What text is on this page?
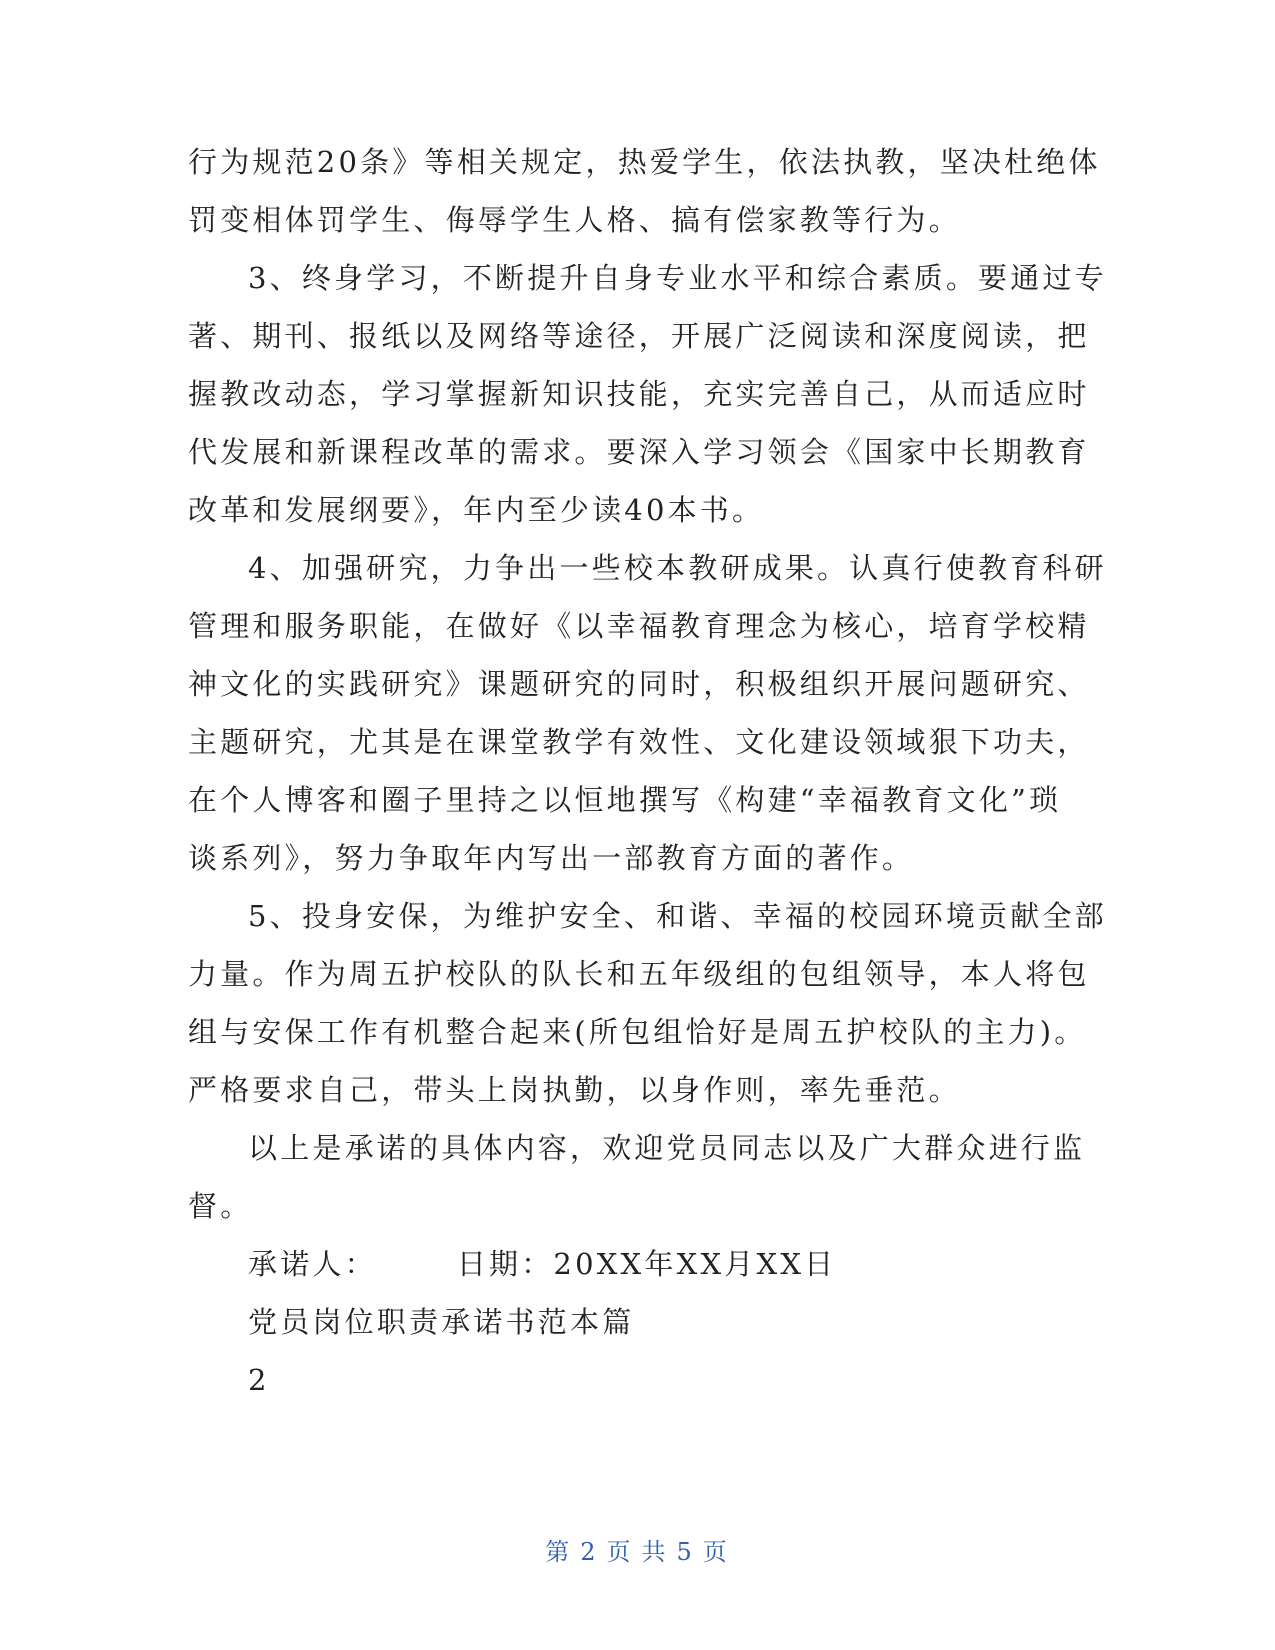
行为规范20条》等相关规定，热爱学生，依法执教，坚决杜绝体
罚变相体罚学生、侮辱学生人格、搞有偿家教等行为。
3、终身学习，不断提升自身专业水平和综合素质。要通过专
著、期刊、报纸以及网络等途径，开展广泛阅读和深度阅读，把
握教改动态，学习掌握新知识技能，充实完善自己，从而适应时
代发展和新课程改革的需求。要深入学习领会《国家中长期教育
改革和发展纲要》，年内至少读40本书。
4、加强研究，力争出一些校本教研成果。认真行使教育科研
管理和服务职能，在做好《以幸福教育理念为核心，培育学校精
神文化的实践研究》课题研究的同时，积极组织开展问题研究、
主题研究，尤其是在课堂教学有效性、文化建设领域狠下功夫，
在个人博客和圈子里持之以恒地撰写《构建“幸福教育文化”琐
谈系列》，努力争取年内写出一部教育方面的著作。
5、投身安保，为维护安全、和谐、幸福的校园环境贡献全部
力量。作为周五护校队的队长和五年级组的包组领导，本人将包
组与安保工作有机整合起来(所包组恰好是周五护校队的主力)。
严格要求自己，带头上岗执勤，以身作则，率先垂范。
以上是承诺的具体内容，欢迎党员同志以及广大群众进行监
督。
承诺人：	日期：20XX年XX月XX日
党员岗位职责承诺书范本篇
2
第 2 页 共 5 页
